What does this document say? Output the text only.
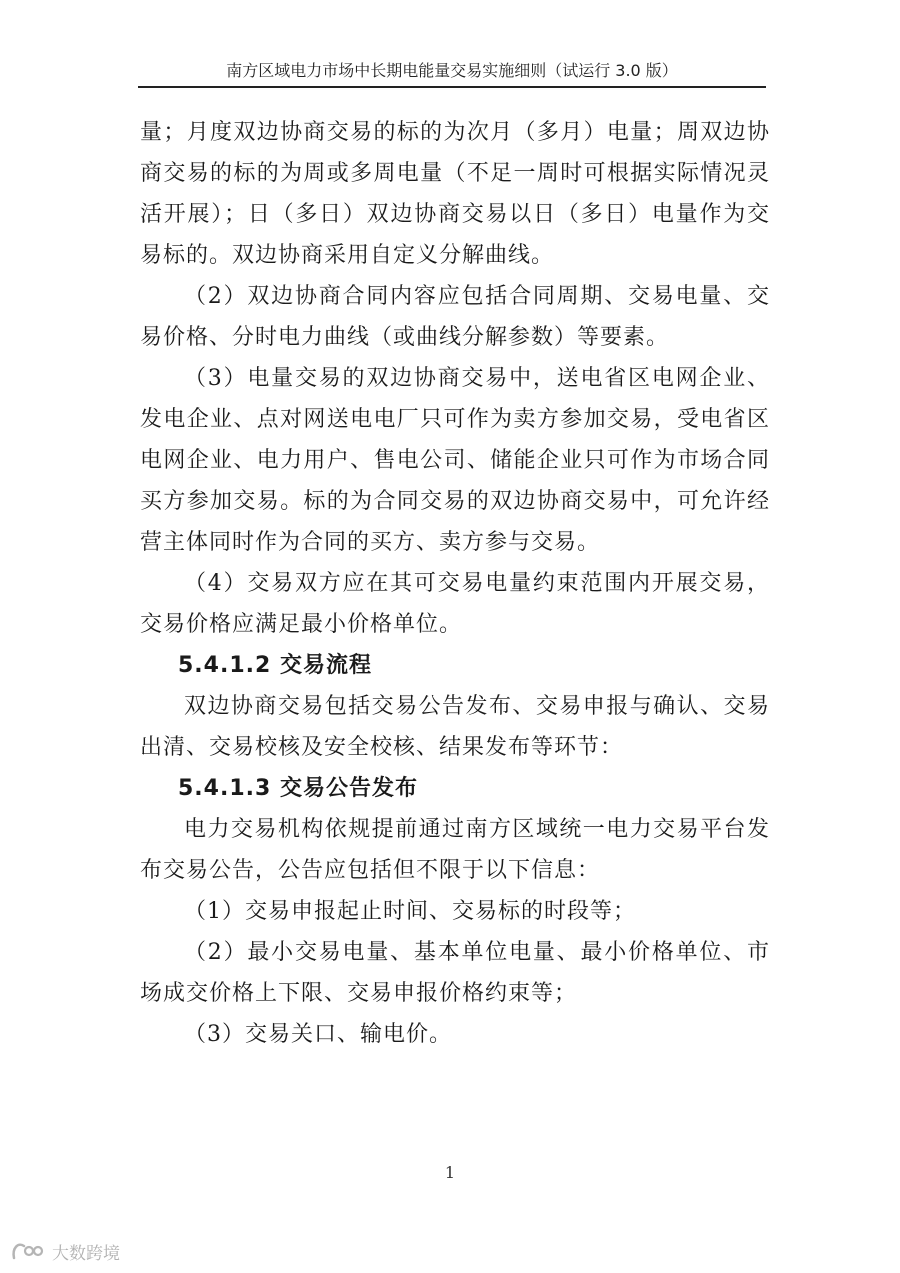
南方区域电力市场中长期电能量交易实施细则（试运行 3.0 版）

量；月度双边协商交易的标的为次月（多月）电量；周双边协商交易的标的为周或多周电量（不足一周时可根据实际情况灵活开展）；日（多日）双边协商交易以日（多日）电量作为交易标的。双边协商采用自定义分解曲线。

（2）双边协商合同内容应包括合同周期、交易电量、交易价格、分时电力曲线（或曲线分解参数）等要素。

（3）电量交易的双边协商交易中，送电省区电网企业、发电企业、点对网送电电厂只可作为卖方参加交易，受电省区电网企业、电力用户、售电公司、储能企业只可作为市场合同买方参加交易。标的为合同交易的双边协商交易中，可允许经营主体同时作为合同的买方、卖方参与交易。

（4）交易双方应在其可交易电量约束范围内开展交易，交易价格应满足最小价格单位。

5.4.1.2 交易流程

双边协商交易包括交易公告发布、交易申报与确认、交易出清、交易校核及安全校核、结果发布等环节：

5.4.1.3 交易公告发布

电力交易机构依规提前通过南方区域统一电力交易平台发布交易公告，公告应包括但不限于以下信息：

（1）交易申报起止时间、交易标的时段等；

（2）最小交易电量、基本单位电量、最小价格单位、市场成交价格上下限、交易申报价格约束等；

（3）交易关口、输电价。

1
大数跨境
